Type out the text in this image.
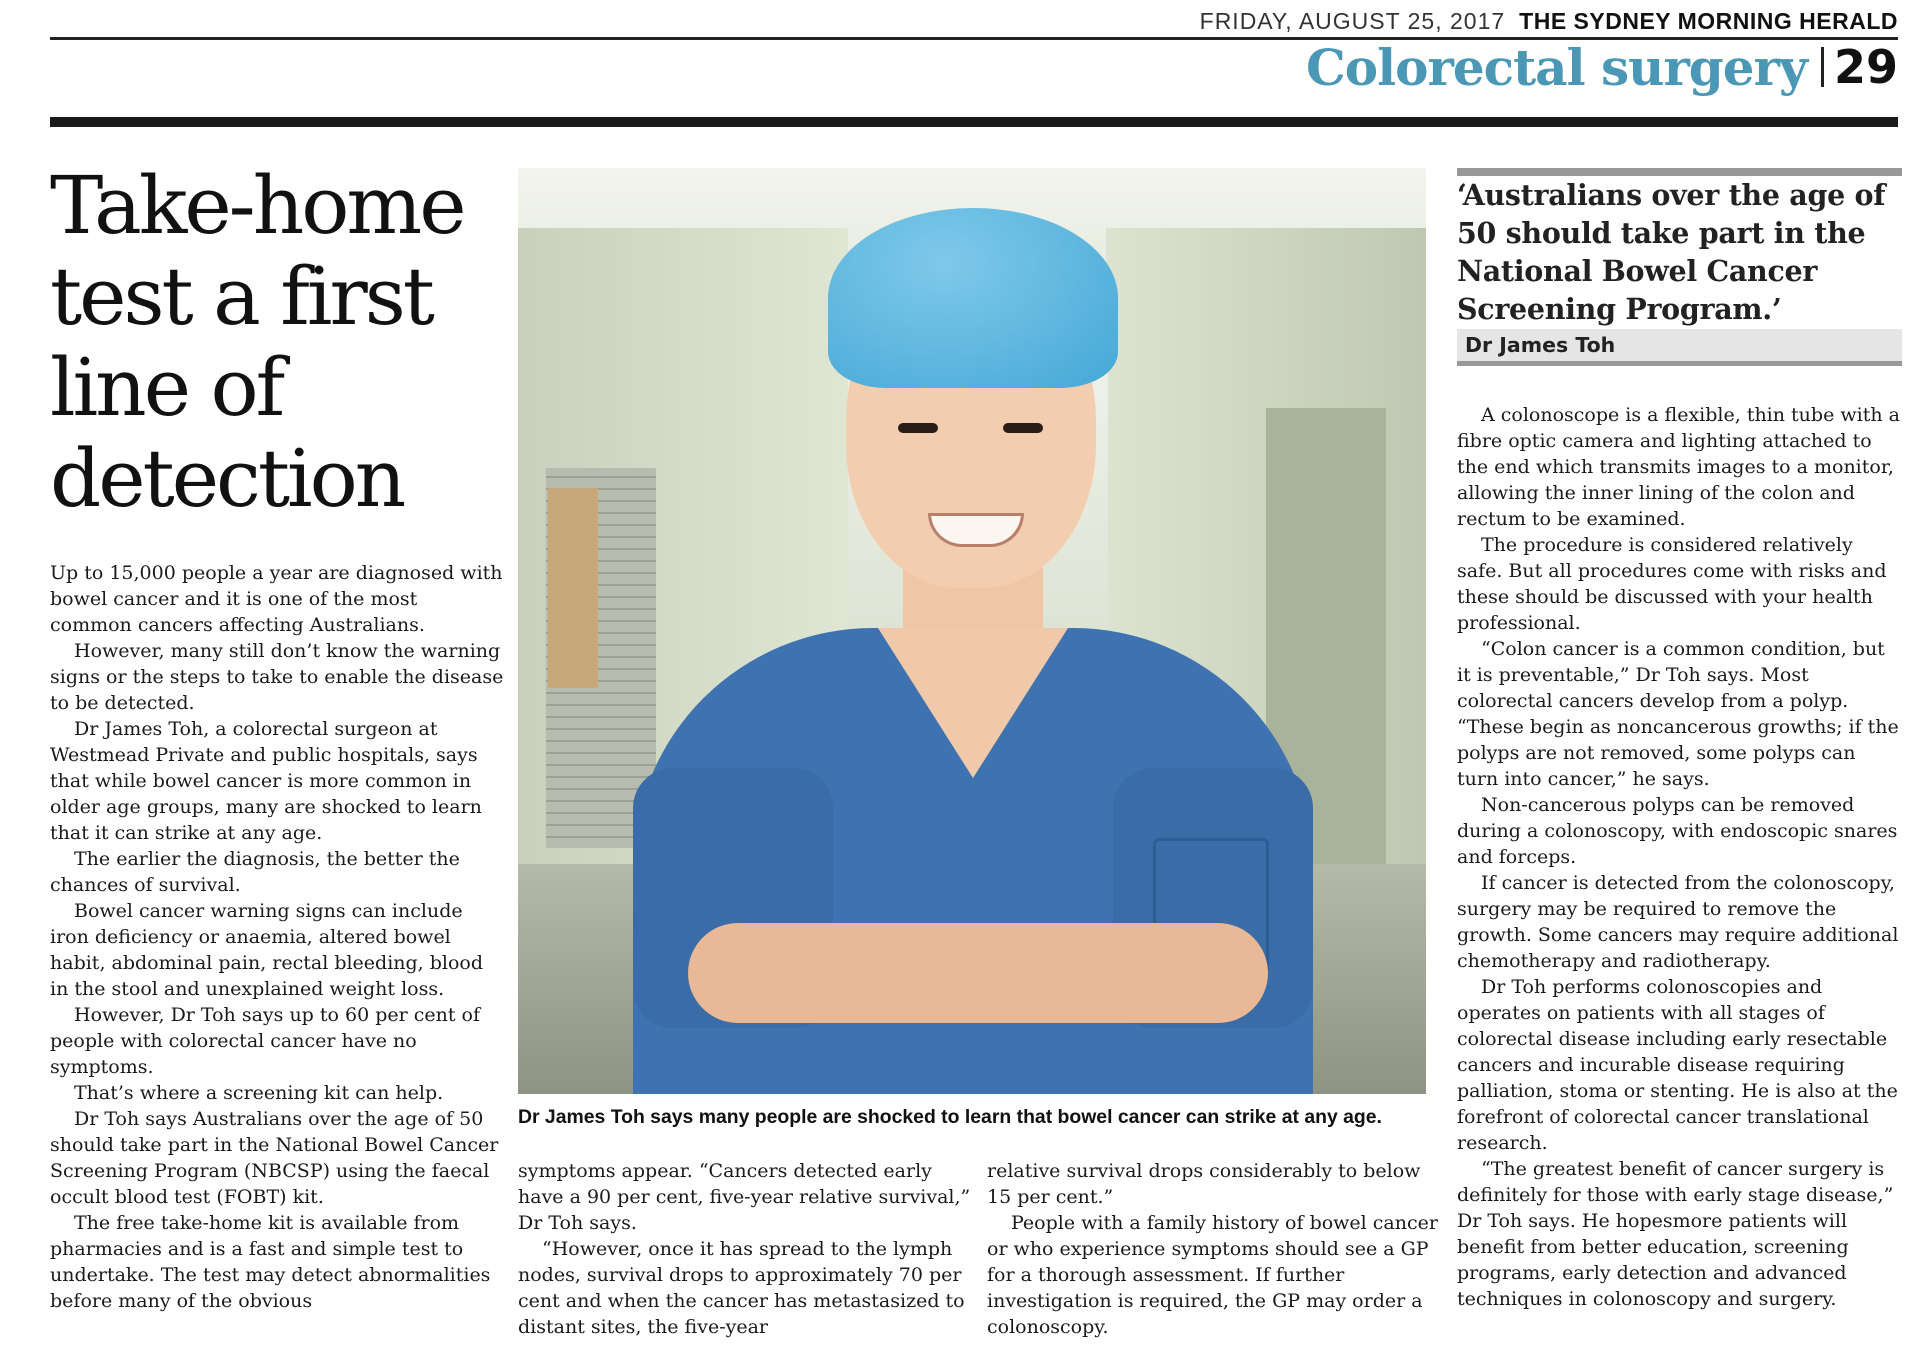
FRIDAY, AUGUST 25, 2017 THE SYDNEY MORNING HERALD
Colorectal surgery 29
Take-home
test a first
line of
detection

Up to 15,000 people a year are diagnosed with bowel cancer and it is one of the most common cancers affecting Australians.

However, many still don’t know the warning signs or the steps to take to enable the disease to be detected.

Dr James Toh, a colorectal surgeon at Westmead Private and public hospitals, says that while bowel cancer is more common in older age groups, many are shocked to learn that it can strike at any age.

The earlier the diagnosis, the better the chances of survival.

Bowel cancer warning signs can include iron deficiency or anaemia, altered bowel habit, abdominal pain, rectal bleeding, blood in the stool and unexplained weight loss.

However, Dr Toh says up to 60 per cent of people with colorectal cancer have no symptoms.

That’s where a screening kit can help.

Dr Toh says Australians over the age of 50 should take part in the National Bowel Cancer Screening Program (NBCSP) using the faecal occult blood test (FOBT) kit.

The free take-home kit is available from pharmacies and is a fast and simple test to undertake. The test may detect abnormalities before many of the obvious

Dr James Toh says many people are shocked to learn that bowel cancer can strike at any age.

symptoms appear. “Cancers detected early have a 90 per cent, five-year relative survival,” Dr Toh says.

“However, once it has spread to the lymph nodes, survival drops to approximately 70 per cent and when the cancer has metastasized to distant sites, the five-year

relative survival drops considerably to below 15 per cent.”

People with a family history of bowel cancer or who experience symptoms should see a GP for a thorough assessment. If further investigation is required, the GP may order a colonoscopy.

‘Australians over the age of 50 should take part in the National Bowel Cancer Screening Program.’

Dr James Toh

A colonoscope is a flexible, thin tube with a fibre optic camera and lighting attached to the end which transmits images to a monitor, allowing the inner lining of the colon and rectum to be examined.

The procedure is considered relatively safe. But all procedures come with risks and these should be discussed with your health professional.

“Colon cancer is a common condition, but it is preventable,” Dr Toh says. Most colorectal cancers develop from a polyp. “These begin as noncancerous growths; if the polyps are not removed, some polyps can turn into cancer,” he says.

Non-cancerous polyps can be removed during a colonoscopy, with endoscopic snares and forceps.

If cancer is detected from the colonoscopy, surgery may be required to remove the growth. Some cancers may require additional chemotherapy and radiotherapy.

Dr Toh performs colonoscopies and operates on patients with all stages of colorectal disease including early resectable cancers and incurable disease requiring palliation, stoma or stenting. He is also at the forefront of colorectal cancer translational research.

“The greatest benefit of cancer surgery is definitely for those with early stage disease,” Dr Toh says. He hopesmore patients will benefit from better education, screening programs, early detection and advanced techniques in colonoscopy and surgery.
